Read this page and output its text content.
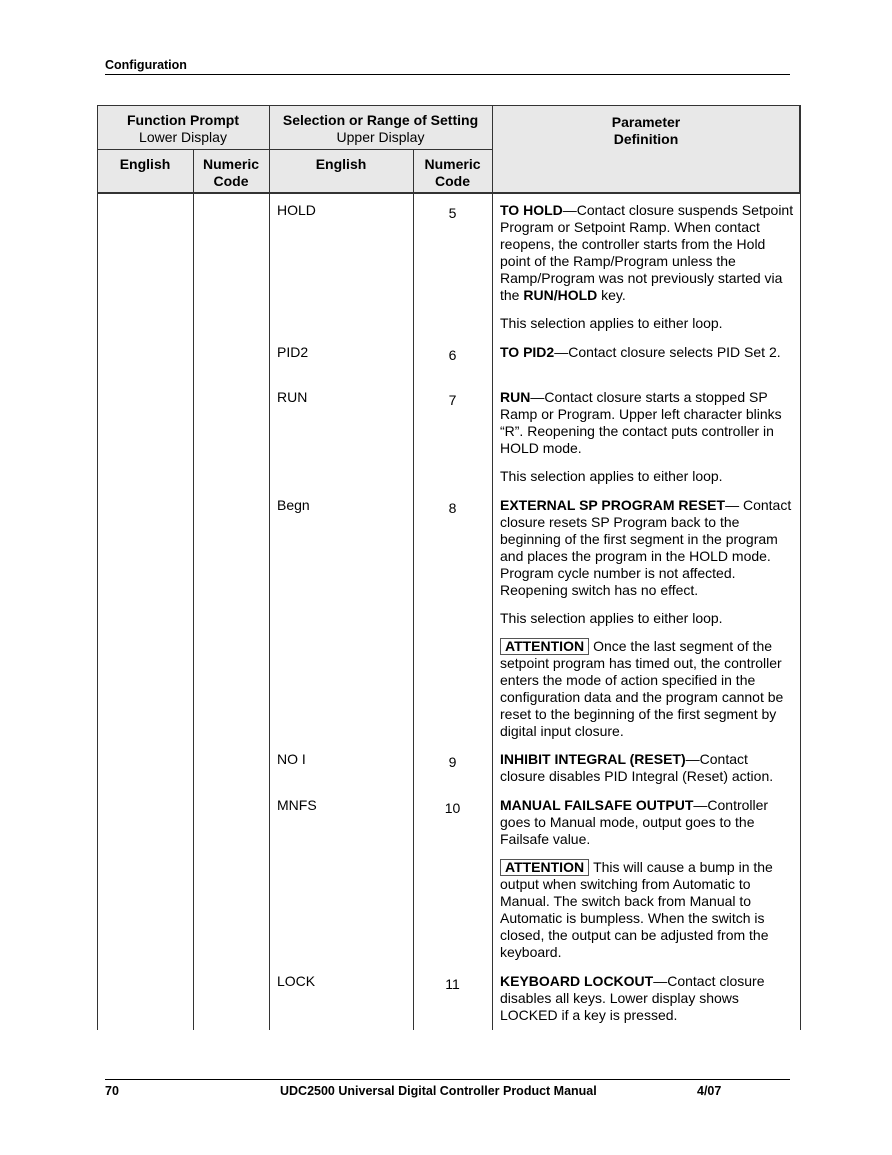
Configuration
Function Prompt
Lower Display
Selection or Range of Setting
Upper Display
Parameter
Definition
English	Numeric
Code
English	Numeric
Code
HOLD	5	TO HOLD—Contact closure suspends Setpoint Program or Setpoint Ramp. When contact reopens, the controller starts from the Hold point of the Ramp/Program unless the Ramp/Program was not previously started via the RUN/HOLD key.
This selection applies to either loop.
PID2	6	TO PID2—Contact closure selects PID Set 2.
RUN	7	RUN—Contact closure starts a stopped SP Ramp or Program. Upper left character blinks “R”. Reopening the contact puts controller in HOLD mode.
This selection applies to either loop.
Begn	8	EXTERNAL SP PROGRAM RESET— Contact closure resets SP Program back to the beginning of the first segment in the program and places the program in the HOLD mode. Program cycle number is not affected. Reopening switch has no effect.
This selection applies to either loop.
ATTENTION Once the last segment of the setpoint program has timed out, the controller enters the mode of action specified in the configuration data and the program cannot be reset to the beginning of the first segment by digital input closure.
NO I	9	INHIBIT INTEGRAL (RESET)—Contact closure disables PID Integral (Reset) action.
MNFS	10	MANUAL FAILSAFE OUTPUT—Controller goes to Manual mode, output goes to the Failsafe value.
ATTENTION This will cause a bump in the output when switching from Automatic to Manual. The switch back from Manual to Automatic is bumpless. When the switch is closed, the output can be adjusted from the keyboard.
LOCK	11	KEYBOARD LOCKOUT—Contact closure disables all keys. Lower display shows LOCKED if a key is pressed.
70	UDC2500 Universal Digital Controller Product Manual	4/07
